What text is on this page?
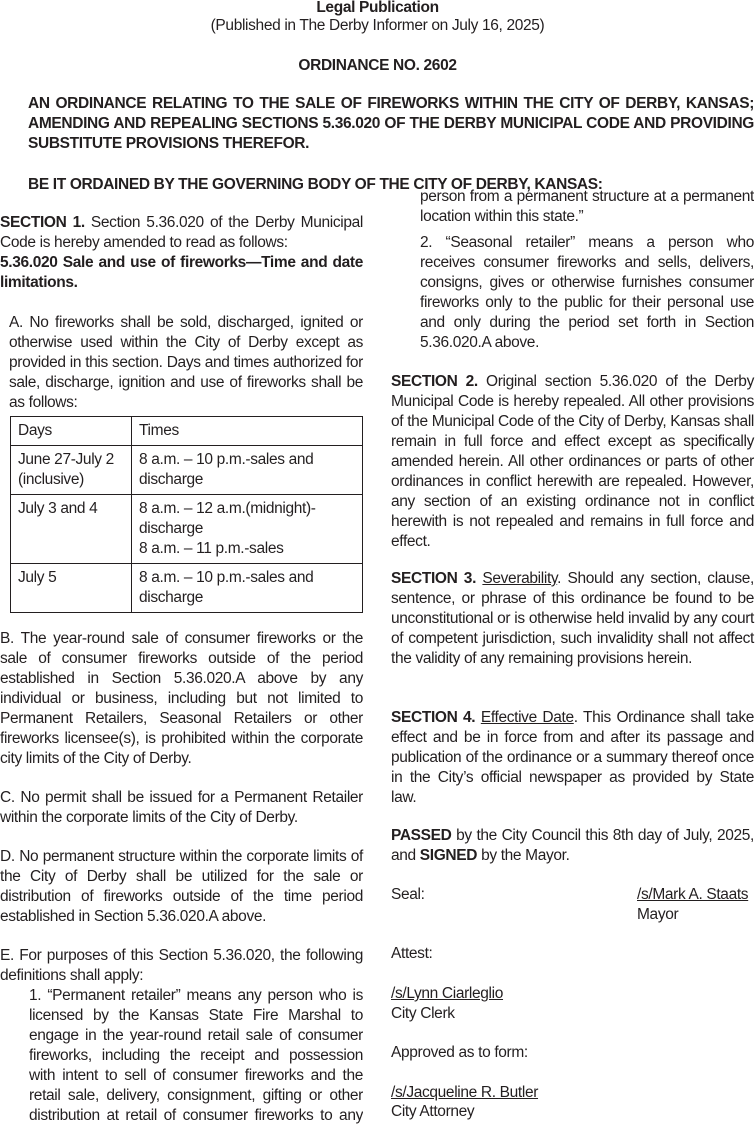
Legal Publication
(Published in The Derby Informer on July 16, 2025)
ORDINANCE NO. 2602
AN ORDINANCE RELATING TO THE SALE OF FIREWORKS WITHIN THE CITY OF DERBY, KANSAS; AMENDING AND REPEALING SECTIONS 5.36.020 OF THE DERBY MUNICIPAL CODE AND PROVIDING SUBSTITUTE PROVISIONS THEREFOR.
BE IT ORDAINED BY THE GOVERNING BODY OF THE CITY OF DERBY, KANSAS:
SECTION 1. Section 5.36.020 of the Derby Municipal Code is hereby amended to read as follows:
5.36.020 Sale and use of fireworks—Time and date limitations.
A. No fireworks shall be sold, discharged, ignited or otherwise used within the City of Derby except as provided in this section. Days and times authorized for sale, discharge, ignition and use of fireworks shall be as follows:
Days	Times
June 27-July 2 (inclusive)	8 a.m. – 10 p.m.-sales and discharge
July 3 and 4	8 a.m. – 12 a.m.(midnight)-discharge
8 a.m. – 11 p.m.-sales

July 5	8 a.m. – 10 p.m.-sales and discharge
B. The year-round sale of consumer fireworks or the sale of consumer fireworks outside of the period established in Section 5.36.020.A above by any individual or business, including but not limited to Permanent Retailers, Seasonal Retailers or other fireworks licensee(s), is prohibited within the corporate city limits of the City of Derby.
C. No permit shall be issued for a Permanent Retailer within the corporate limits of the City of Derby.
D. No permanent structure within the corporate limits of the City of Derby shall be utilized for the sale or distribution of fireworks outside of the time period established in Section 5.36.020.A above.
E. For purposes of this Section 5.36.020, the following definitions shall apply:
1. “Permanent retailer” means any person who is licensed by the Kansas State Fire Marshal to engage in the year-round retail sale of consumer fireworks, including the receipt and possession with intent to sell of consumer fireworks and the retail sale, delivery, consignment, gifting or other distribution at retail of consumer fireworks to any
person from a permanent structure at a permanent location within this state.”
2. “Seasonal retailer” means a person who receives consumer fireworks and sells, delivers, consigns, gives or otherwise furnishes consumer fireworks only to the public for their personal use and only during the period set forth in Section 5.36.020.A above.
SECTION 2. Original section 5.36.020 of the Derby Municipal Code is hereby repealed. All other provisions of the Municipal Code of the City of Derby, Kansas shall remain in full force and effect except as specifically amended herein. All other ordinances or parts of other ordinances in conflict herewith are repealed. However, any section of an existing ordinance not in conflict herewith is not repealed and remains in full force and effect.
SECTION 3. Severability. Should any section, clause, sentence, or phrase of this ordinance be found to be unconstitutional or is otherwise held invalid by any court of competent jurisdiction, such invalidity shall not affect the validity of any remaining provisions herein.
SECTION 4. Effective Date. This Ordinance shall take effect and be in force from and after its passage and publication of the ordinance or a summary thereof once in the City’s official newspaper as provided by State law.
PASSED by the City Council this 8th day of July, 2025, and SIGNED by the Mayor.
Seal:	/s/Mark A. Staats
Mayor
Attest:
/s/Lynn Ciarleglio
City Clerk
Approved as to form:
/s/Jacqueline R. Butler
City Attorney
